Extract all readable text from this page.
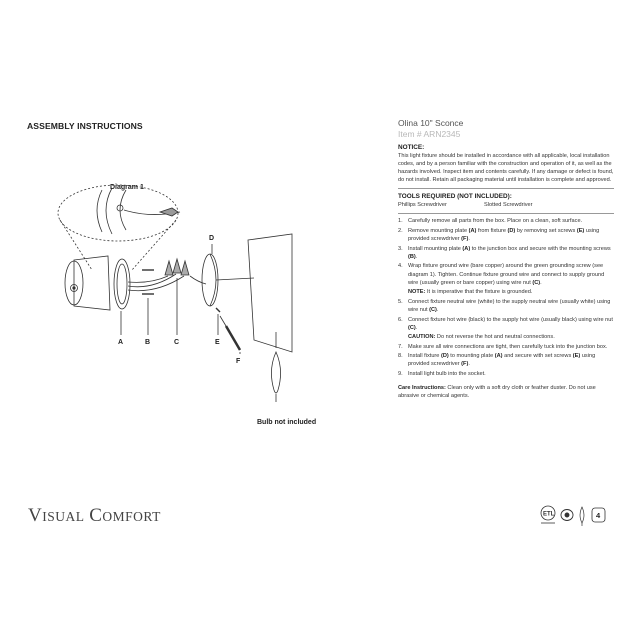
ASSEMBLY INSTRUCTIONS
Diagram 1
A	B	C
D
E
F
Bulb not included
VISUAL COMFORT
Olina 10" Sconce
Item # ARN2345
NOTICE:
This light fixture should be installed in accordance with all applicable, local installation codes, and by a person familiar with the construction and operation of it, as well as the hazards involved. Inspect item and contents carefully. If any damage or defect is found, do not install. Retain all packaging material until installation is complete and approved.
TOOLS REQUIRED (NOT INCLUDED):
Phillips Screwdriver	Slotted Screwdriver
1. Carefully remove all parts from the box. Place on a clean, soft surface.
2. Remove mounting plate (A) from fixture (D) by removing set screws (E) using provided screwdriver (F).
3. Install mounting plate (A) to the junction box and secure with the mounting screws (B).
4. Wrap fixture ground wire (bare copper) around the green grounding screw (see diagram 1). Tighten. Continue fixture ground wire and connect to supply ground wire (usually green or bare copper) using wire nut (C).
NOTE: It is imperative that the fixture is grounded.
5. Connect fixture neutral wire (white) to the supply neutral wire (usually white) using wire nut (C).
6. Connect fixture hot wire (black) to the supply hot wire (usually black) using wire nut (C).
CAUTION: Do not reverse the hot and neutral connections.
7. Make sure all wire connections are tight, then carefully tuck into the junction box.
8. Install fixture (D) to mounting plate (A) and secure with set screws (E) using provided screwdriver (F).
9. Install light bulb into the socket.
Care Instructions: Clean only with a soft dry cloth or feather duster. Do not use abrasive or chemical agents.
ETL	4
